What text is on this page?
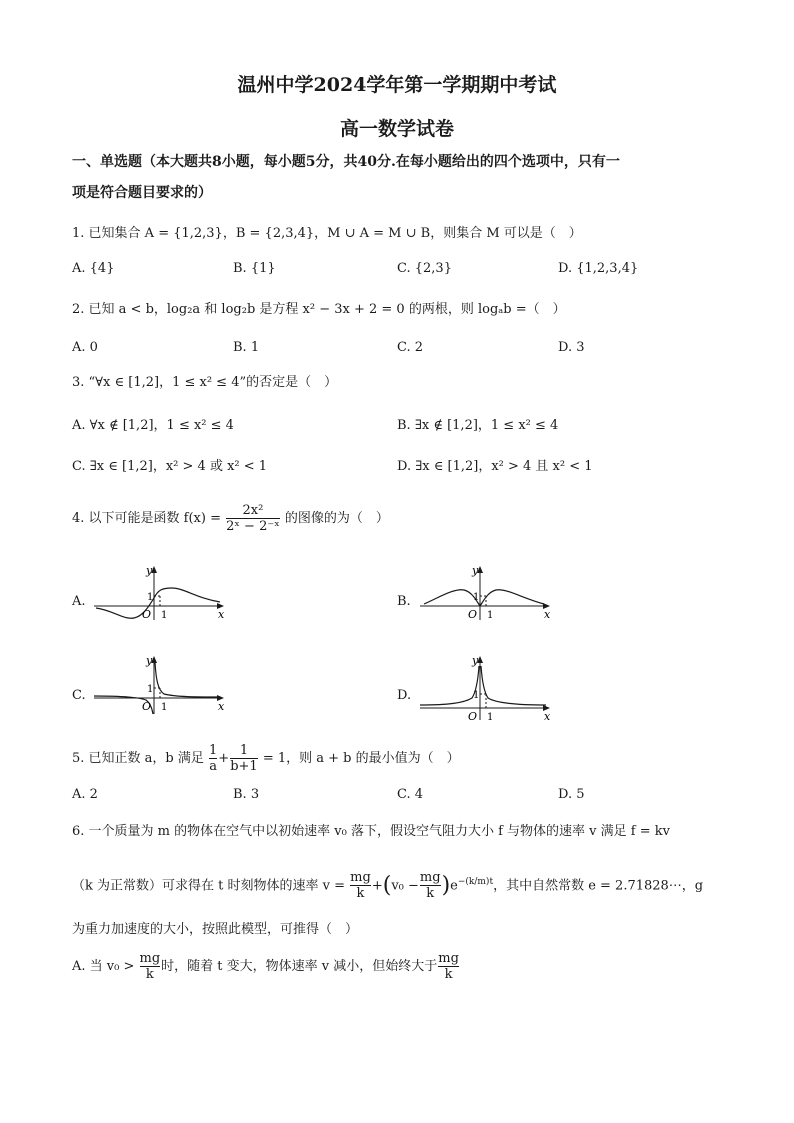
温州中学2024学年第一学期期中考试
高一数学试卷
一、单选题（本大题共8小题，每小题5分，共40分.在每小题给出的四个选项中，只有一
项是符合题目要求的）
1. 已知集合 A = {1,2,3}，B = {2,3,4}，M ∪ A = M ∪ B，则集合 M 可以是（　）
A. {4}	B. {1}	C. {2,3}	D. {1,2,3,4}
2. 已知 a < b，log₂a 和 log₂b 是方程 x² − 3x + 2 = 0 的两根，则 logₐb =（　）
A. 0	B. 1	C. 2	D. 3
3. “∀x ∈ [1,2]，1 ≤ x² ≤ 4”的否定是（　）
A. ∀x ∉ [1,2]，1 ≤ x² ≤ 4	B. ∃x ∉ [1,2]，1 ≤ x² ≤ 4
C. ∃x ∈ [1,2]，x² > 4 或 x² < 1	D. ∃x ∈ [1,2]，x² > 4 且 x² < 1
4. 以下可能是函数 $f(x) = \frac{\text{2x²}}{\text{2ˣ − 2⁻ˣ}}$ 的图像的为（　）
A.	B.
C.	D.
y
x
O
1
1
y
x
O
1
1
y
x
O
1
1
y
x
O
1
1
5. 已知正数 a，b 满足 $\frac{1}{a} + \frac{1}{b+1} = 1$，则 a + b 的最小值为（　）
A. 2	B. 3	C. 4	D. 5
6. 一个质量为 m 的物体在空气中以初始速率 v₀ 落下，假设空气阻力大小 f 与物体的速率 v 满足 f = kv
（k 为正常数）可求得在 t 时刻物体的速率 $v = \frac{mg}{k} +(v_0 - \frac{mg}{k} )e^{-(k/m)t}$，其中自然常数 e = 2.71828⋯，g
为重力加速度的大小，按照此模型，可推得（　）
A. 当 $v_0 > \frac{mg}{k}$ 时，随着 t 变大，物体速率 v 减小，但始终大于 $\frac{mg}{k}$
